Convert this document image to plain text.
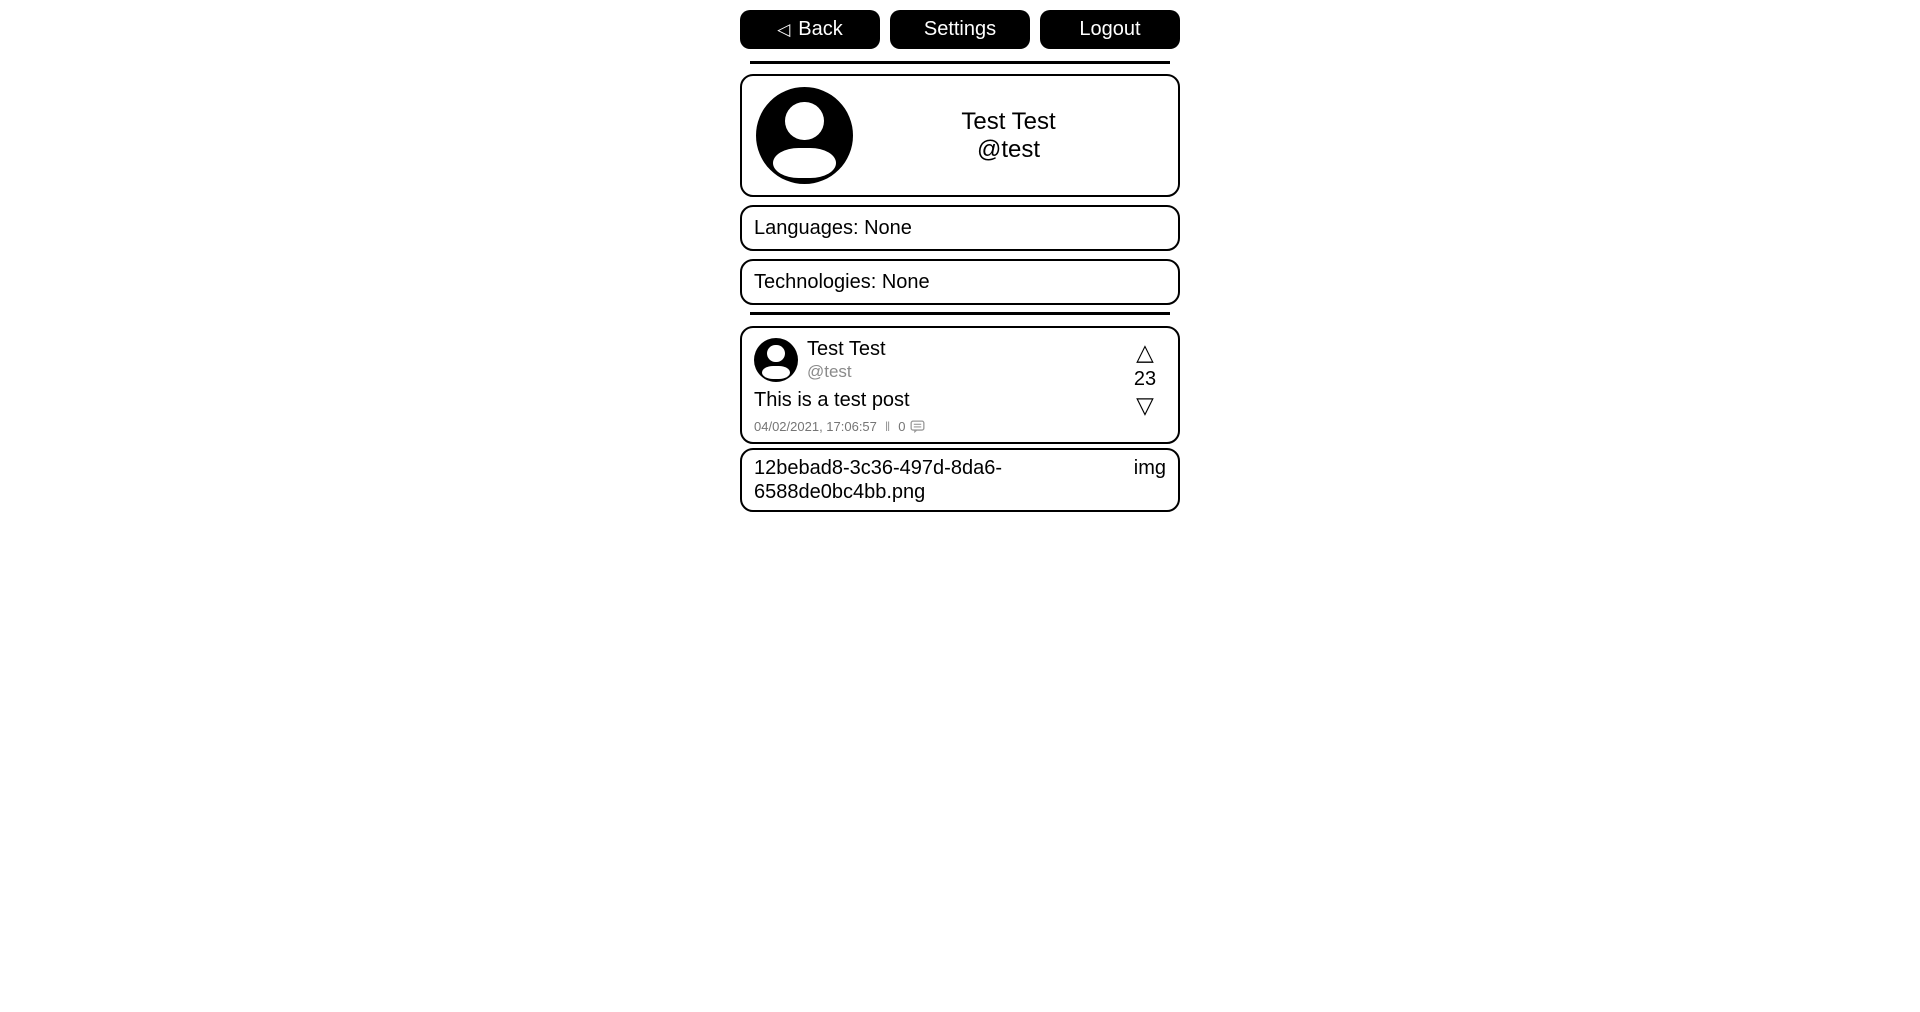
◁ Back	Settings	Logout
Test Test
@test
Languages: None
Technologies: None
Test Test
@test
This is a test post
04/02/2021, 17:06:57 ‖ 0
△
23
▽
12bebad8-3c36-497d-8da6-6588de0bc4bb.png
img
